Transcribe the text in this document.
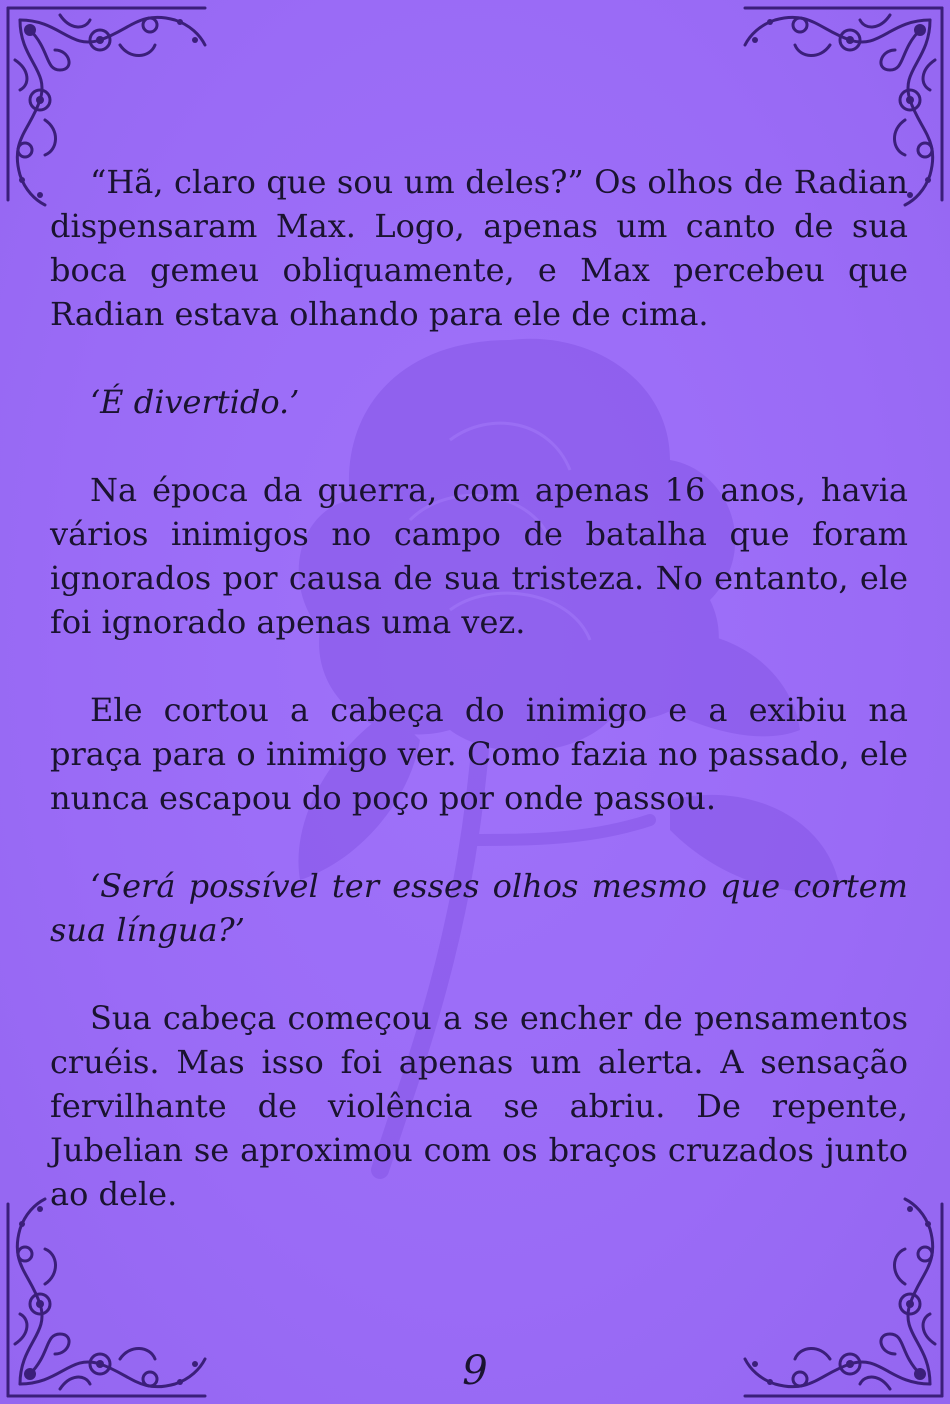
“Hã, claro que sou um deles?” Os olhos de Radian dispensaram Max. Logo, apenas um canto de sua boca gemeu obliquamente, e Max percebeu que Radian estava olhando para ele de cima.

‘É divertido.’

Na época da guerra, com apenas 16 anos, havia vários inimigos no campo de batalha que foram ignorados por causa de sua tristeza. No entanto, ele foi ignorado apenas uma vez.

Ele cortou a cabeça do inimigo e a exibiu na praça para o inimigo ver. Como fazia no passado, ele nunca escapou do poço por onde passou.

‘Será possível ter esses olhos mesmo que cortem sua língua?’

Sua cabeça começou a se encher de pensamentos cruéis. Mas isso foi apenas um alerta. A sensação fervilhante de violência se abriu. De repente, Jubelian se aproximou com os braços cruzados junto ao dele.

9
